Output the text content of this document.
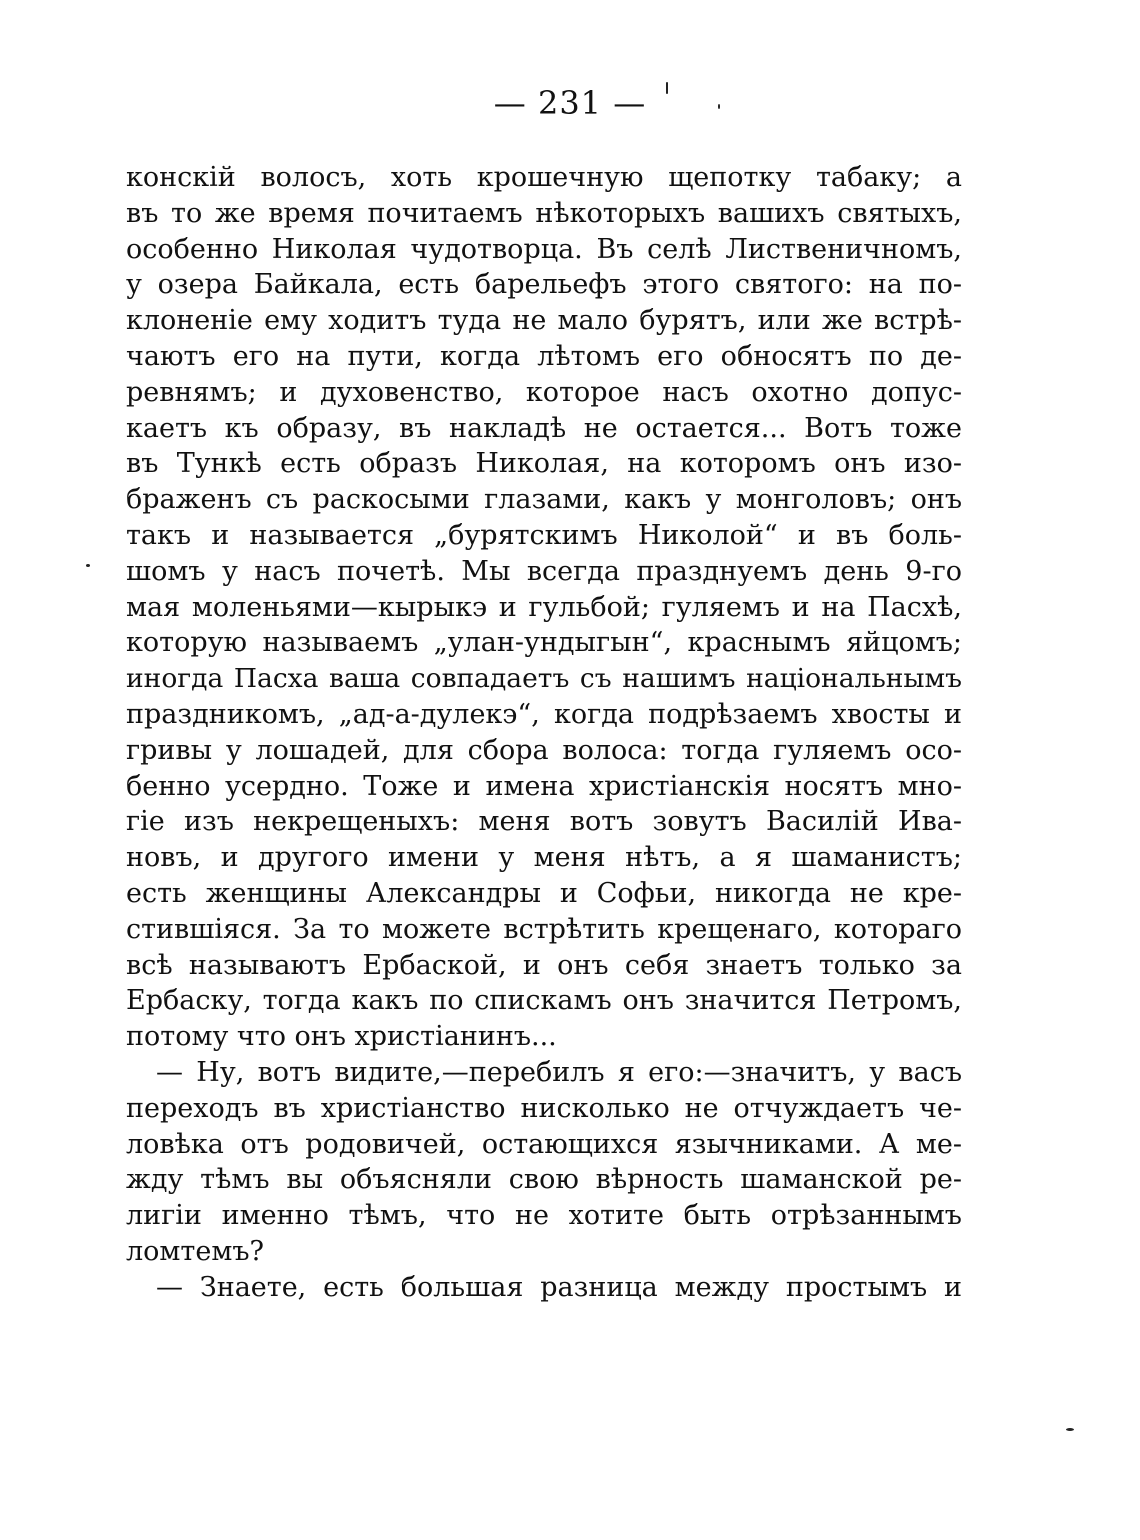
— 231 —
конскій волосъ, хоть крошечную щепотку табаку; а
въ то же время почитаемъ нѣкоторыхъ вашихъ святыхъ,
особенно Николая чудотворца. Въ селѣ Лиственичномъ,
у озера Байкала, есть барельефъ этого святого: на по-
клоненіе ему ходитъ туда не мало бурятъ, или же встрѣ-
чаютъ его на пути, когда лѣтомъ его обносятъ по де-
ревнямъ; и духовенство, которое насъ охотно допус-
каетъ къ образу, въ накладѣ не остается... Вотъ тоже
въ Тункѣ есть образъ Николая, на которомъ онъ изо-
браженъ съ раскосыми глазами, какъ у монголовъ; онъ
такъ и называется „бурятскимъ Николой“ и въ боль-
шомъ у насъ почетѣ. Мы всегда празднуемъ день 9-го
мая моленьями—кырыкэ и гульбой; гуляемъ и на Пасхѣ,
которую называемъ „улан-ундыгын“, краснымъ яйцомъ;
иногда Пасха ваша совпадаетъ съ нашимъ національнымъ
праздникомъ, „ад-а-дулекэ“, когда подрѣзаемъ хвосты и
гривы у лошадей, для сбора волоса: тогда гуляемъ осо-
бенно усердно. Тоже и имена христіанскія носятъ мно-
гіе изъ некрещеныхъ: меня вотъ зовутъ Василій Ива-
новъ, и другого имени у меня нѣтъ, а я шаманистъ;
есть женщины Александры и Софьи, никогда не кре-
стившіяся. За то можете встрѣтить крещенаго, котораго
всѣ называютъ Ербаской, и онъ себя знаетъ только за
Ербаску, тогда какъ по спискамъ онъ значится Петромъ,
потому что онъ христіанинъ...
— Ну, вотъ видите,—перебилъ я его:—значитъ, у васъ
переходъ въ христіанство нисколько не отчуждаетъ че-
ловѣка отъ родовичей, остающихся язычниками. А ме-
жду тѣмъ вы объясняли свою вѣрность шаманской ре-
лигіи именно тѣмъ, что не хотите быть отрѣзаннымъ
ломтемъ?
— Знаете, есть большая разница между простымъ и
